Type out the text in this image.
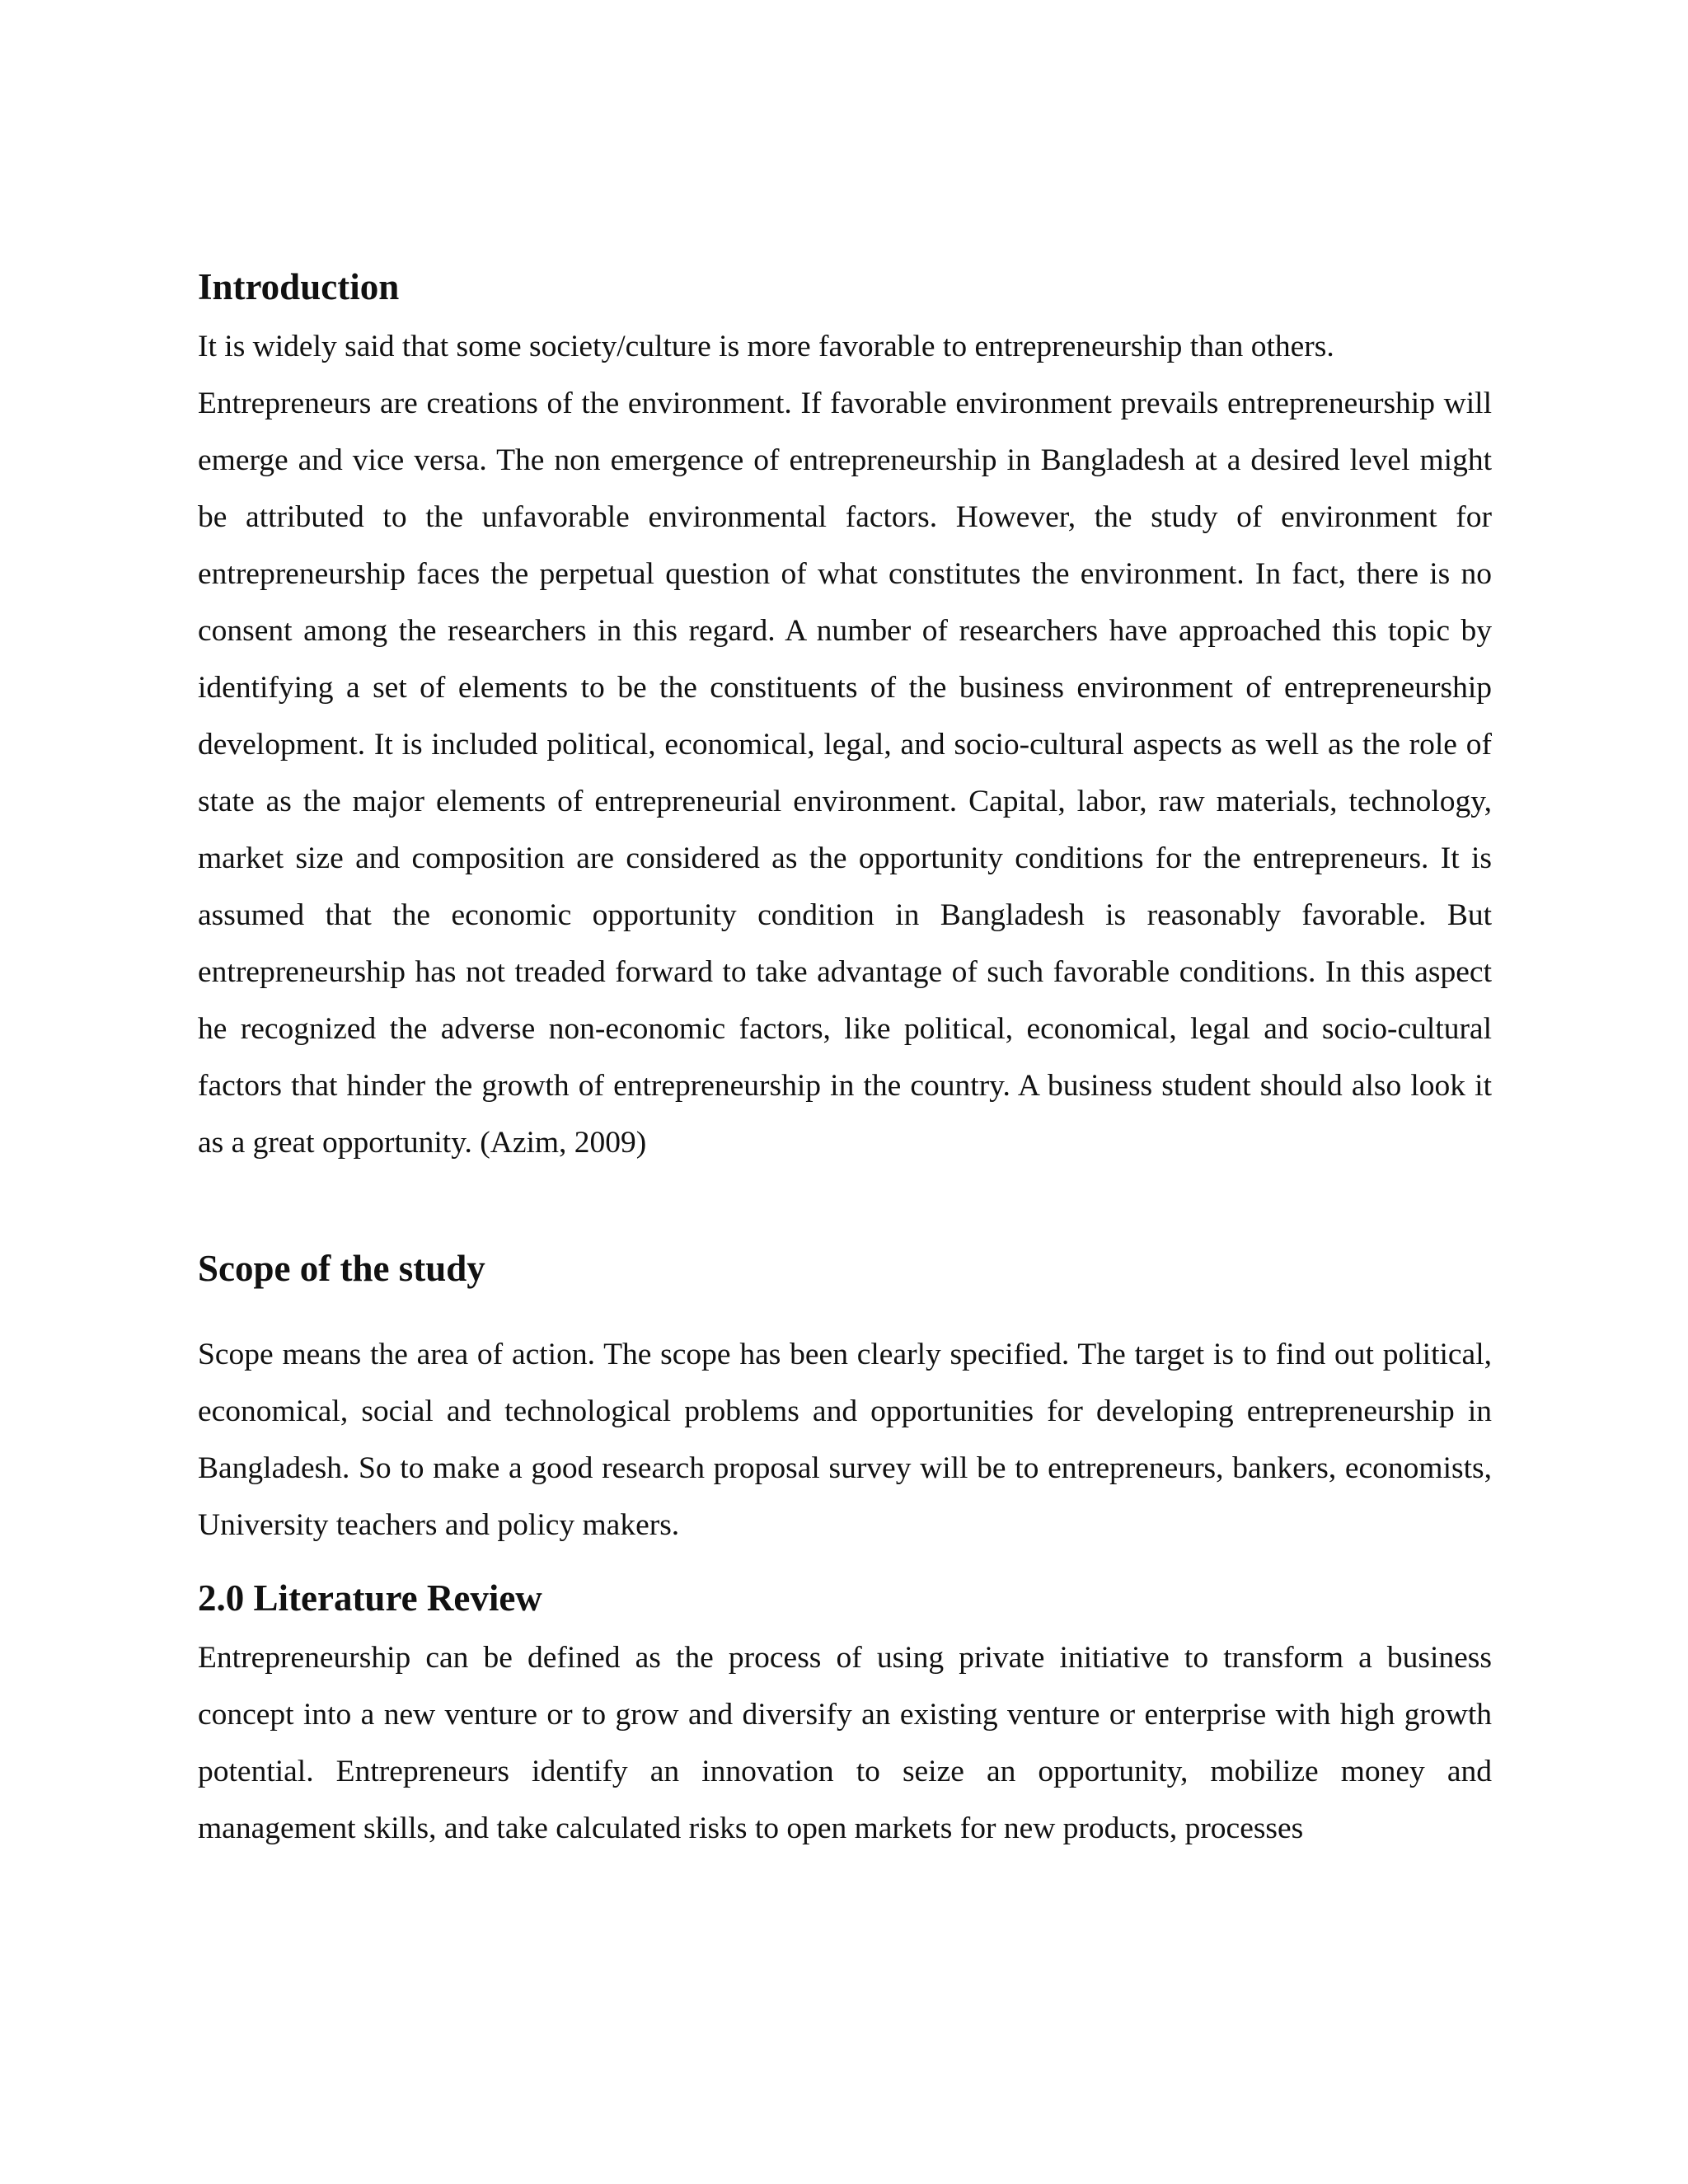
Introduction

It is widely said that some society/culture is more favorable to entrepreneurship than others.

Entrepreneurs are creations of the environment. If favorable environment prevails entrepreneurship will emerge and vice versa. The non emergence of entrepreneurship in Bangladesh at a desired level might be attributed to the unfavorable environmental factors. However, the study of environment for entrepreneurship faces the perpetual question of what constitutes the environment. In fact, there is no consent among the researchers in this regard. A number of researchers have approached this topic by identifying a set of elements to be the constituents of the business environment of entrepreneurship development. It is included political, economical, legal, and socio-cultural aspects as well as the role of state as the major elements of entrepreneurial environment. Capital, labor, raw materials, technology, market size and composition are considered as the opportunity conditions for the entrepreneurs. It is assumed that the economic opportunity condition in Bangladesh is reasonably favorable. But entrepreneurship has not treaded forward to take advantage of such favorable conditions. In this aspect he recognized the adverse non-economic factors, like political, economical, legal and socio-cultural factors that hinder the growth of entrepreneurship in the country. A business student should also look it as a great opportunity. (Azim, 2009)

Scope of the study

Scope means the area of action. The scope has been clearly specified. The target is to find out political, economical, social and technological problems and opportunities for developing entrepreneurship in Bangladesh. So to make a good research proposal survey will be to entrepreneurs, bankers, economists, University teachers and policy makers.

2.0 Literature Review

Entrepreneurship can be defined as the process of using private initiative to transform a business concept into a new venture or to grow and diversify an existing venture or enterprise with high growth potential. Entrepreneurs identify an innovation to seize an opportunity, mobilize money and management skills, and take calculated risks to open markets for new products, processes
